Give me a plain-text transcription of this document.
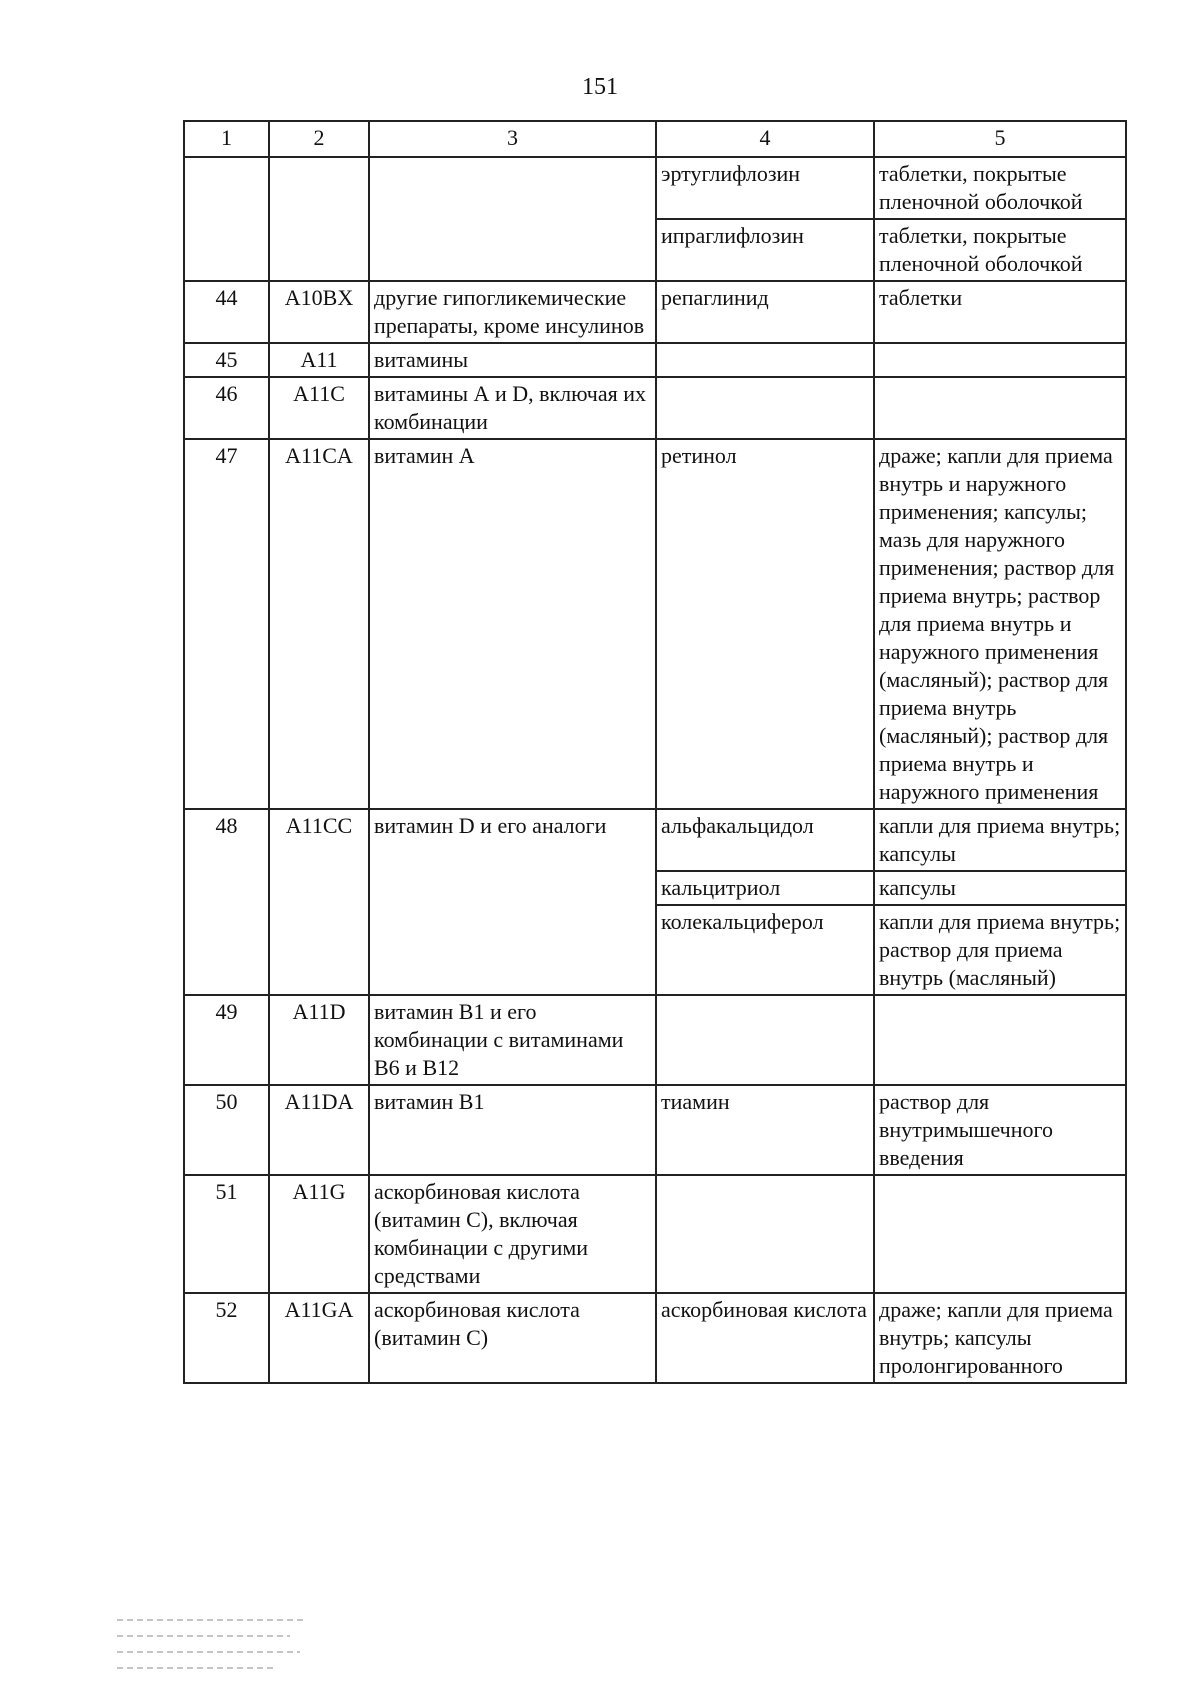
151
1	2	3	4	5
			эртуглифлозин	таблетки, покрытые пленочной оболочкой
			ипраглифлозин	таблетки, покрытые пленочной оболочкой
44	A10BX	другие гипогликемические препараты, кроме инсулинов	репаглинид	таблетки
45	A11	витамины		
46	A11C	витамины А и D, включая их комбинации		
47	A11CA	витамин А	ретинол	драже; капли для приема внутрь и наружного применения; капсулы; мазь для наружного применения; раствор для приема внутрь; раствор для приема внутрь и наружного применения (масляный); раствор для приема внутрь (масляный); раствор для приема внутрь и наружного применения
48	A11CC	витамин D и его аналоги	альфакальцидол	капли для приема внутрь; капсулы
			кальцитриол	капсулы
			колекальциферол	капли для приема внутрь; раствор для приема внутрь (масляный)
49	A11D	витамин B1 и его комбинации с витаминами B6 и B12		
50	A11DA	витамин B1	тиамин	раствор для внутримышечного введения
51	A11G	аскорбиновая кислота (витамин С), включая комбинации с другими средствами		
52	A11GA	аскорбиновая кислота (витамин С)	аскорбиновая кислота	драже; капли для приема внутрь; капсулы пролонгированного
